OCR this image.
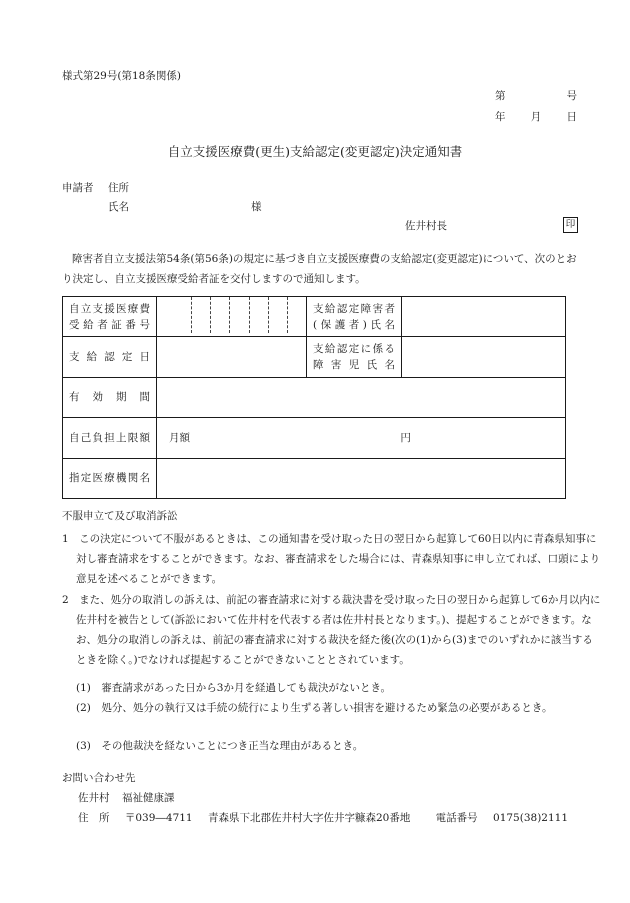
様式第29号(第18条関係)
第	号
年 月 日
自立支援医療費(更生)支給認定(変更認定)決定通知書
申請者 住所
氏名	様
佐井村長	印
障害者自立支援法第54条(第56条)の規定に基づき自立支援医療費の支給認定(変更認定)について、次のとおり決定し、自立支援医療受給者証を交付しますので通知します。
自立支援医療費受給者証番号		支給認定障害者(保護者)氏名	
支給認定日		支給認定に係る障害児氏名	
有効期間			
自己負担上限額	月額 円		
指定医療機関名			
不服申立て及び取消訴訟
1　この決定について不服があるときは、この通知書を受け取った日の翌日から起算して60日以内に青森県知事に対し審査請求をすることができます。なお、審査請求をした場合には、青森県知事に申し立てれば、口頭により意見を述べることができます。
2　また、処分の取消しの訴えは、前記の審査請求に対する裁決書を受け取った日の翌日から起算して6か月以内に佐井村を被告として(訴訟において佐井村を代表する者は佐井村長となります。)、提起することができます。なお、処分の取消しの訴えは、前記の審査請求に対する裁決を経た後(次の(1)から(3)までのいずれかに該当するときを除く。)でなければ提起することができないこととされています。
(1)　審査請求があった日から3か月を経過しても裁決がないとき。
(2)　処分、処分の執行又は手続の続行により生ずる著しい損害を避けるため緊急の必要があるとき。
(3)　その他裁決を経ないことにつき正当な理由があるとき。
お問い合わせ先
佐井村 福祉健康課
住　所 〒039―4711 青森県下北郡佐井村大字佐井字糠森20番地 電話番号 0175(38)2111
